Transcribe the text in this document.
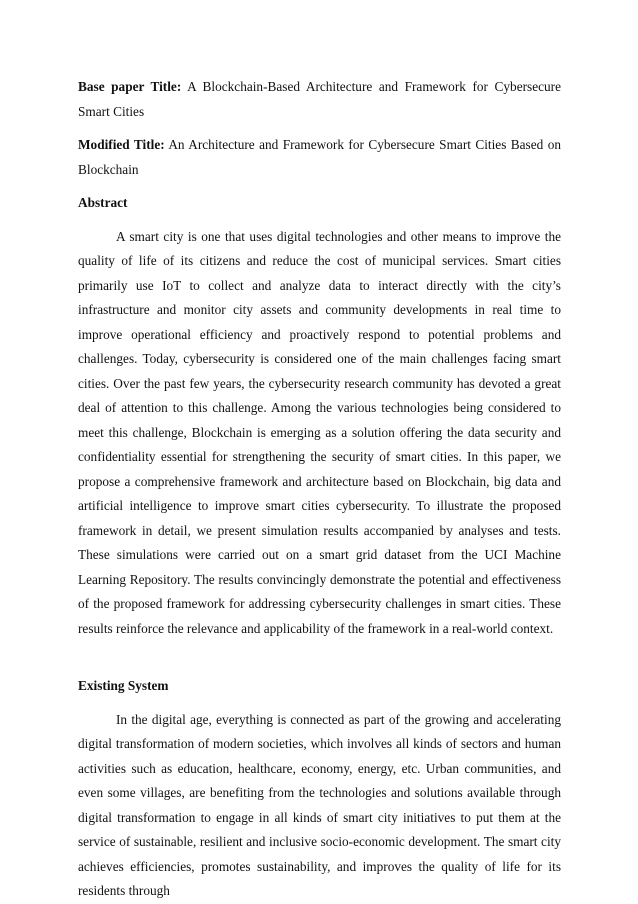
Base paper Title: A Blockchain-Based Architecture and Framework for Cybersecure Smart Cities

Modified Title: An Architecture and Framework for Cybersecure Smart Cities Based on Blockchain

Abstract

A smart city is one that uses digital technologies and other means to improve the quality of life of its citizens and reduce the cost of municipal services. Smart cities primarily use IoT to collect and analyze data to interact directly with the city’s infrastructure and monitor city assets and community developments in real time to improve operational efficiency and proactively respond to potential problems and challenges. Today, cybersecurity is considered one of the main challenges facing smart cities. Over the past few years, the cybersecurity research community has devoted a great deal of attention to this challenge. Among the various technologies being considered to meet this challenge, Blockchain is emerging as a solution offering the data security and confidentiality essential for strengthening the security of smart cities. In this paper, we propose a comprehensive framework and architecture based on Blockchain, big data and artificial intelligence to improve smart cities cybersecurity. To illustrate the proposed framework in detail, we present simulation results accompanied by analyses and tests. These simulations were carried out on a smart grid dataset from the UCI Machine Learning Repository. The results convincingly demonstrate the potential and effectiveness of the proposed framework for addressing cybersecurity challenges in smart cities. These results reinforce the relevance and applicability of the framework in a real-world context.

Existing System

In the digital age, everything is connected as part of the growing and accelerating digital transformation of modern societies, which involves all kinds of sectors and human activities such as education, healthcare, economy, energy, etc. Urban communities, and even some villages, are benefiting from the technologies and solutions available through digital transformation to engage in all kinds of smart city initiatives to put them at the service of sustainable, resilient and inclusive socio-economic development. The smart city achieves efficiencies, promotes sustainability, and improves the quality of life for its residents through
